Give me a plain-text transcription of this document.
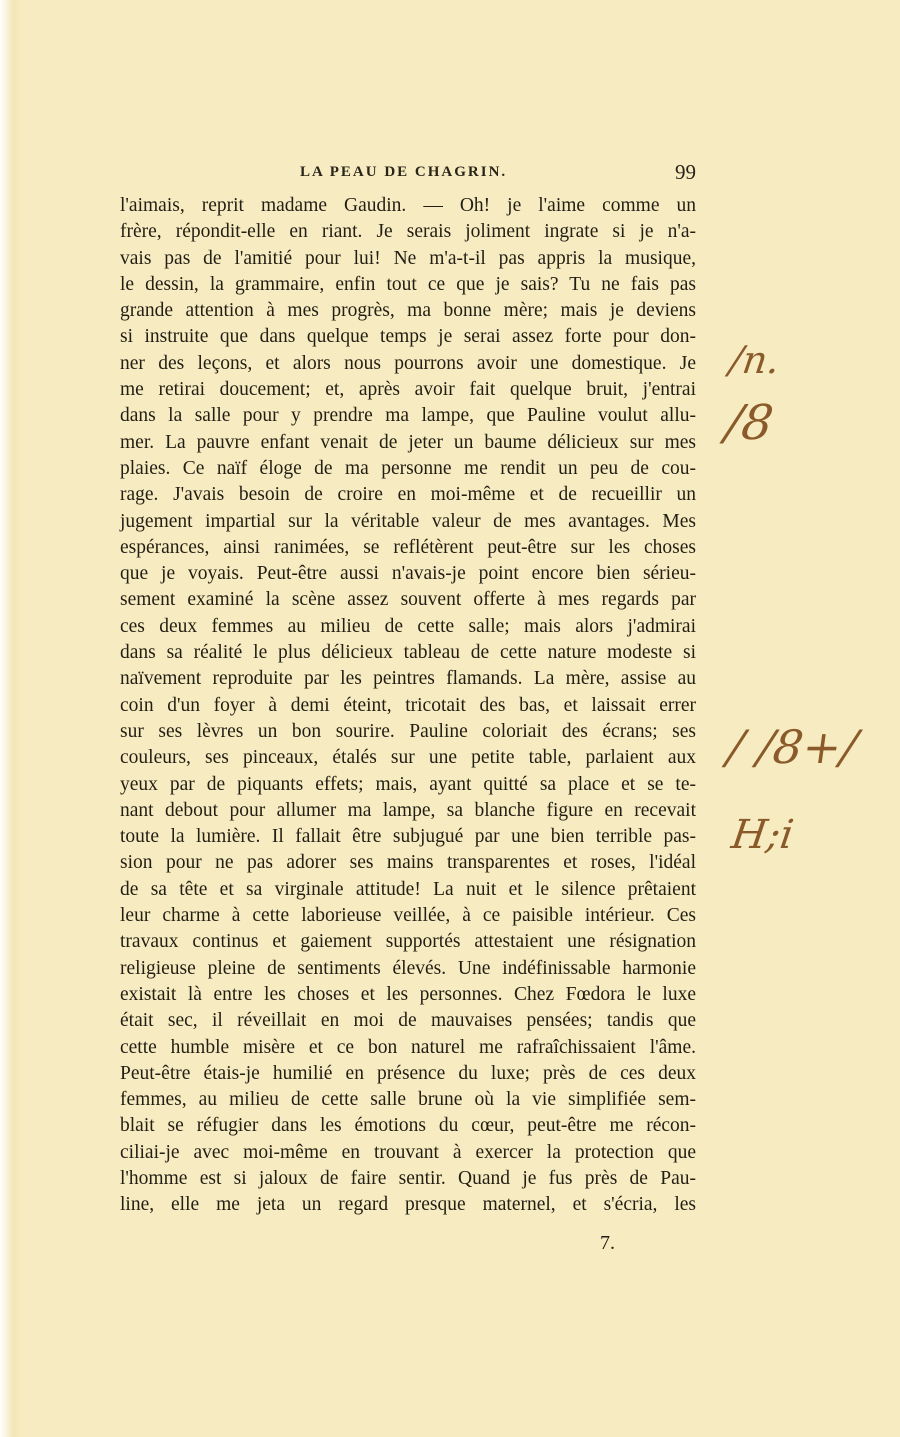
LA PEAU DE CHAGRIN.	99
l'aimais, reprit madame Gaudin. — Oh! je l'aime comme un
frère, répondit-elle en riant. Je serais joliment ingrate si je n'a-
vais pas de l'amitié pour lui! Ne m'a-t-il pas appris la musique,
le dessin, la grammaire, enfin tout ce que je sais? Tu ne fais pas
grande attention à mes progrès, ma bonne mère; mais je deviens
si instruite que dans quelque temps je serai assez forte pour don-
ner des leçons, et alors nous pourrons avoir une domestique. Je
me retirai doucement; et, après avoir fait quelque bruit, j'entrai
dans la salle pour y prendre ma lampe, que Pauline voulut allu-
mer. La pauvre enfant venait de jeter un baume délicieux sur mes
plaies. Ce naïf éloge de ma personne me rendit un peu de cou-
rage. J'avais besoin de croire en moi-même et de recueillir un
jugement impartial sur la véritable valeur de mes avantages. Mes
espérances, ainsi ranimées, se reflétèrent peut-être sur les choses
que je voyais. Peut-être aussi n'avais-je point encore bien sérieu-
sement examiné la scène assez souvent offerte à mes regards par
ces deux femmes au milieu de cette salle; mais alors j'admirai
dans sa réalité le plus délicieux tableau de cette nature modeste si
naïvement reproduite par les peintres flamands. La mère, assise au
coin d'un foyer à demi éteint, tricotait des bas, et laissait errer
sur ses lèvres un bon sourire. Pauline coloriait des écrans; ses
couleurs, ses pinceaux, étalés sur une petite table, parlaient aux
yeux par de piquants effets; mais, ayant quitté sa place et se te-
nant debout pour allumer ma lampe, sa blanche figure en recevait
toute la lumière. Il fallait être subjugué par une bien terrible pas-
sion pour ne pas adorer ses mains transparentes et roses, l'idéal
de sa tête et sa virginale attitude! La nuit et le silence prêtaient
leur charme à cette laborieuse veillée, à ce paisible intérieur. Ces
travaux continus et gaiement supportés attestaient une résignation
religieuse pleine de sentiments élevés. Une indéfinissable harmonie
existait là entre les choses et les personnes. Chez Fœdora le luxe
était sec, il réveillait en moi de mauvaises pensées; tandis que
cette humble misère et ce bon naturel me rafraîchissaient l'âme.
Peut-être étais-je humilié en présence du luxe; près de ces deux
femmes, au milieu de cette salle brune où la vie simplifiée sem-
blait se réfugier dans les émotions du cœur, peut-être me récon-
ciliai-je avec moi-même en trouvant à exercer la protection que
l'homme est si jaloux de faire sentir. Quand je fus près de Pau-
line, elle me jeta un regard presque maternel, et s'écria, les
7.
/n.
/8
/ /8+/
H;i
